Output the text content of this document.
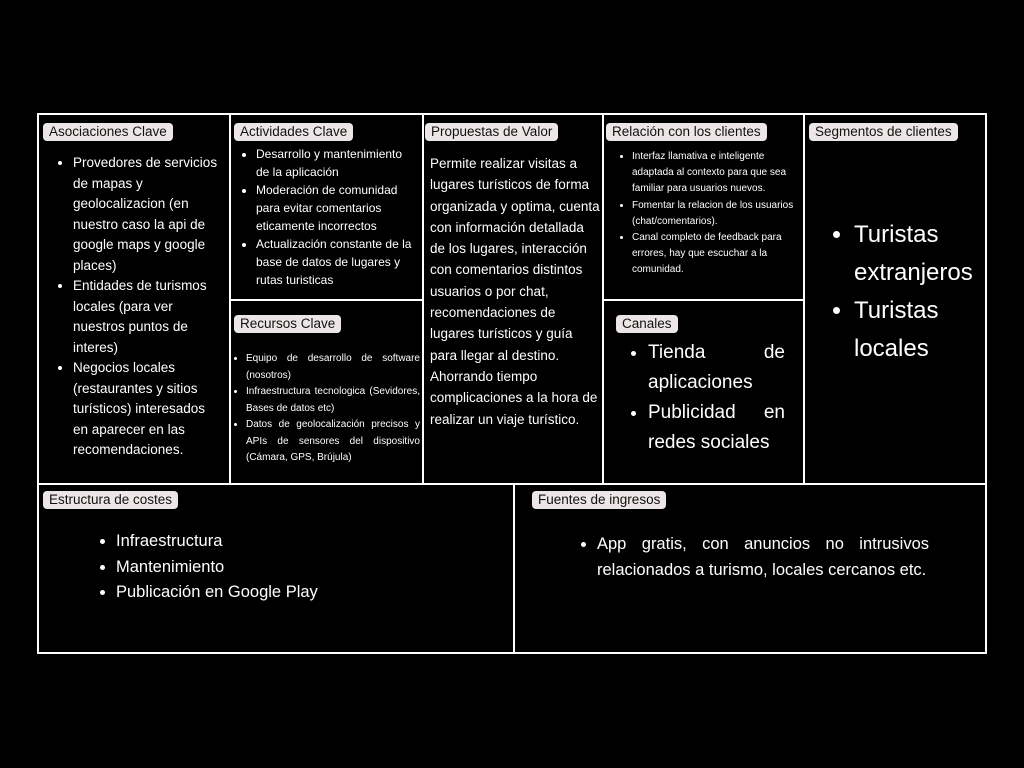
Asociaciones Clave
• Provedores de servicios de mapas y geolocalizacion (en nuestro caso la api de google maps y google places)
• Entidades de turismos locales (para ver nuestros puntos de interes)
• Negocios locales (restaurantes y sitios turísticos) interesados en aparecer en las recomendaciones.
Actividades Clave
• Desarrollo y mantenimiento de la aplicación
• Moderación de comunidad para evitar comentarios eticamente incorrectos
• Actualización constante de la base de datos de lugares y rutas turisticas
Recursos Clave
• Equipo de desarrollo de software (nosotros)
• Infraestructura tecnologica (Sevidores, Bases de datos etc)
• Datos de geolocalización precisos y APIs de sensores del dispositivo (Cámara, GPS, Brújula)
Propuestas de Valor
Permite realizar visitas a lugares turísticos de forma organizada y optima, cuenta con información detallada de los lugares, interacción con comentarios distintos usuarios o por chat, recomendaciones de lugares turísticos y guía para llegar al destino. Ahorrando tiempo complicaciones a la hora de realizar un viaje turístico.
Relación con los clientes
• Interfaz llamativa e inteligente adaptada al contexto para que sea familiar para usuarios nuevos.
• Fomentar la relacion de los usuarios (chat/comentarios).
• Canal completo de feedback para errores, hay que escuchar a la comunidad.
Canales
• Tienda de aplicaciones
• Publicidad en redes sociales
Segmentos de clientes
• Turistas extranjeros
• Turistas locales
Estructura de costes
• Infraestructura
• Mantenimiento
• Publicación en Google Play
Fuentes de ingresos
• App gratis, con anuncios no intrusivos relacionados a turismo, locales cercanos etc.
